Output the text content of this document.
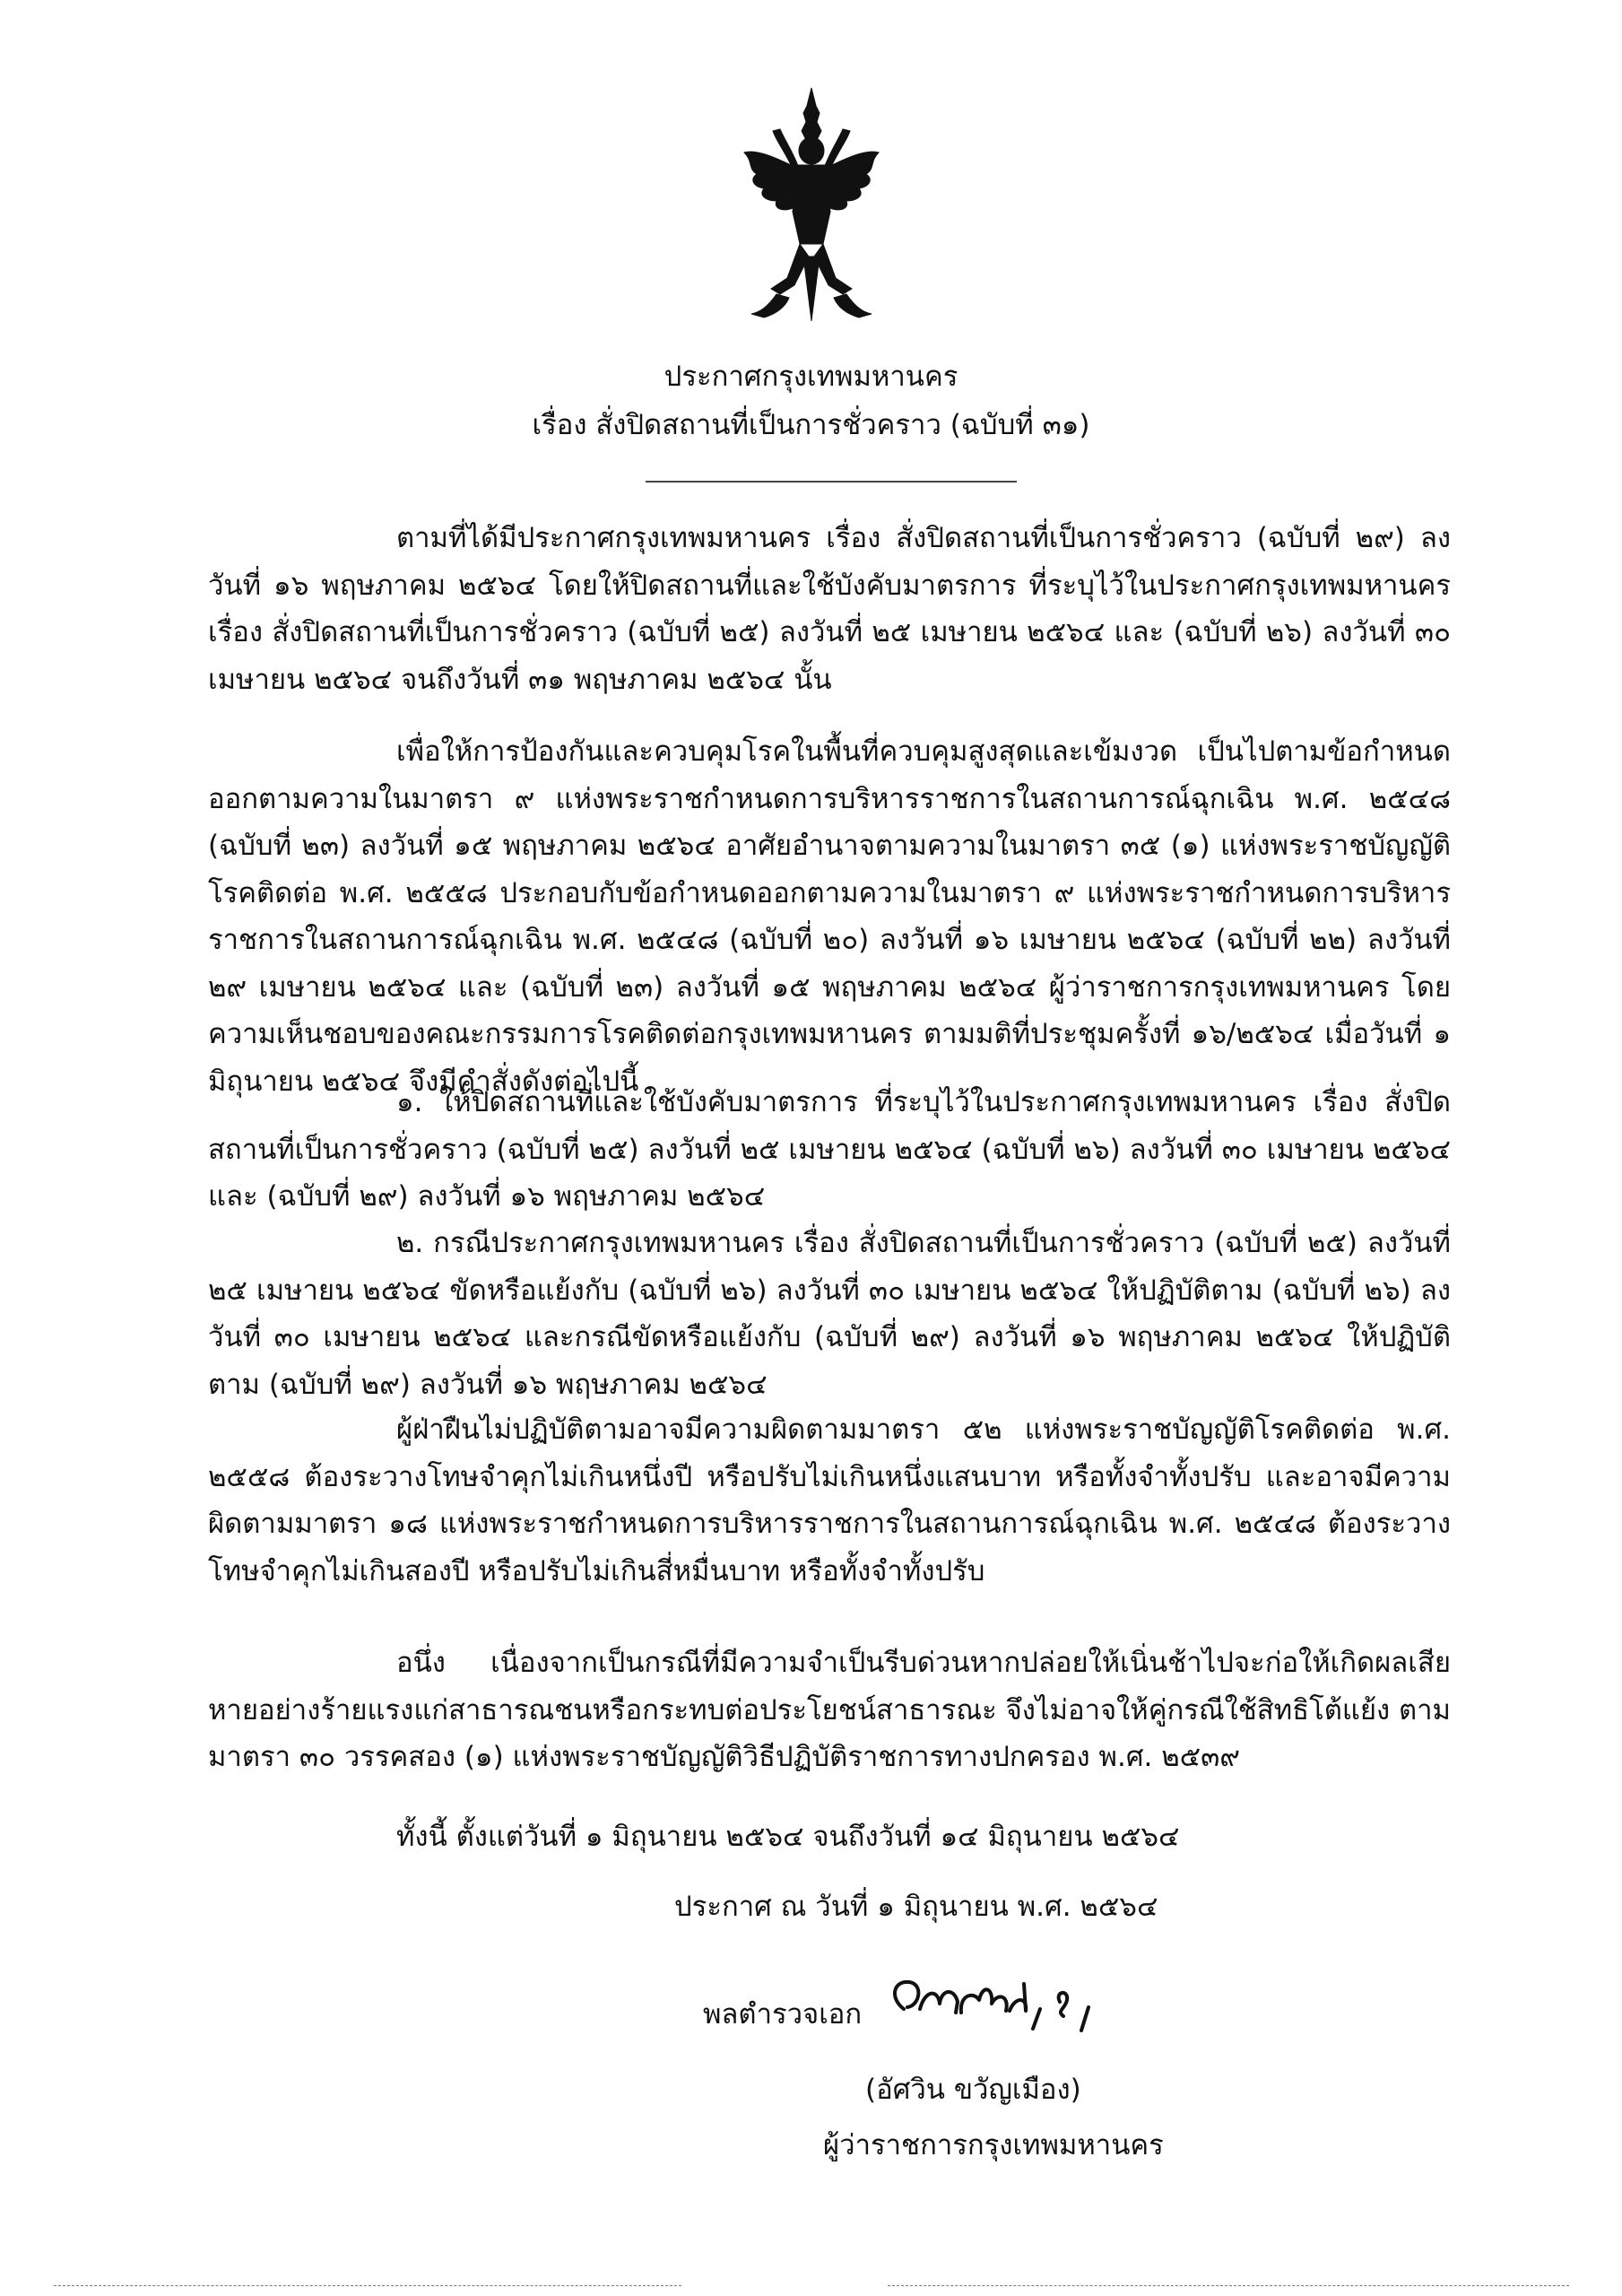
ประกาศกรุงเทพมหานคร
เรื่อง สั่งปิดสถานที่เป็นการชั่วคราว (ฉบับที่ ๓๑)

ตามที่ได้มีประกาศกรุงเทพมหานคร เรื่อง สั่งปิดสถานที่เป็นการชั่วคราว (ฉบับที่ ๒๙) ลงวันที่ ๑๖ พฤษภาคม ๒๕๖๔ โดยให้ปิดสถานที่และใช้บังคับมาตรการ ที่ระบุไว้ในประกาศกรุงเทพมหานคร เรื่อง สั่งปิดสถานที่เป็นการชั่วคราว (ฉบับที่ ๒๕) ลงวันที่ ๒๕ เมษายน ๒๕๖๔ และ (ฉบับที่ ๒๖) ลงวันที่ ๓๐ เมษายน ๒๕๖๔ จนถึงวันที่ ๓๑ พฤษภาคม ๒๕๖๔ นั้น

เพื่อให้การป้องกันและควบคุมโรคในพื้นที่ควบคุมสูงสุดและเข้มงวด เป็นไปตามข้อกำหนดออกตามความในมาตรา ๙ แห่งพระราชกำหนดการบริหารราชการในสถานการณ์ฉุกเฉิน พ.ศ. ๒๕๔๘ (ฉบับที่ ๒๓) ลงวันที่ ๑๕ พฤษภาคม ๒๕๖๔ อาศัยอำนาจตามความในมาตรา ๓๕ (๑) แห่งพระราชบัญญัติโรคติดต่อ พ.ศ. ๒๕๕๘ ประกอบกับข้อกำหนดออกตามความในมาตรา ๙ แห่งพระราชกำหนดการบริหารราชการในสถานการณ์ฉุกเฉิน พ.ศ. ๒๕๔๘ (ฉบับที่ ๒๐) ลงวันที่ ๑๖ เมษายน ๒๕๖๔ (ฉบับที่ ๒๒) ลงวันที่ ๒๙ เมษายน ๒๕๖๔ และ (ฉบับที่ ๒๓) ลงวันที่ ๑๕ พฤษภาคม ๒๕๖๔ ผู้ว่าราชการกรุงเทพมหานคร โดยความเห็นชอบของคณะกรรมการโรคติดต่อกรุงเทพมหานคร ตามมติที่ประชุมครั้งที่ ๑๖/๒๕๖๔ เมื่อวันที่ ๑ มิถุนายน ๒๕๖๔ จึงมีคำสั่งดังต่อไปนี้

๑. ให้ปิดสถานที่และใช้บังคับมาตรการ ที่ระบุไว้ในประกาศกรุงเทพมหานคร เรื่อง สั่งปิดสถานที่เป็นการชั่วคราว (ฉบับที่ ๒๕) ลงวันที่ ๒๕ เมษายน ๒๕๖๔ (ฉบับที่ ๒๖) ลงวันที่ ๓๐ เมษายน ๒๕๖๔ และ (ฉบับที่ ๒๙) ลงวันที่ ๑๖ พฤษภาคม ๒๕๖๔

๒. กรณีประกาศกรุงเทพมหานคร เรื่อง สั่งปิดสถานที่เป็นการชั่วคราว (ฉบับที่ ๒๕) ลงวันที่ ๒๕ เมษายน ๒๕๖๔ ขัดหรือแย้งกับ (ฉบับที่ ๒๖) ลงวันที่ ๓๐ เมษายน ๒๕๖๔ ให้ปฏิบัติตาม (ฉบับที่ ๒๖) ลงวันที่ ๓๐ เมษายน ๒๕๖๔ และกรณีขัดหรือแย้งกับ (ฉบับที่ ๒๙) ลงวันที่ ๑๖ พฤษภาคม ๒๕๖๔ ให้ปฏิบัติตาม (ฉบับที่ ๒๙) ลงวันที่ ๑๖ พฤษภาคม ๒๕๖๔

ผู้ฝ่าฝืนไม่ปฏิบัติตามอาจมีความผิดตามมาตรา ๕๒ แห่งพระราชบัญญัติโรคติดต่อ พ.ศ. ๒๕๕๘ ต้องระวางโทษจำคุกไม่เกินหนึ่งปี หรือปรับไม่เกินหนึ่งแสนบาท หรือทั้งจำทั้งปรับ และอาจมีความผิดตามมาตรา ๑๘ แห่งพระราชกำหนดการบริหารราชการในสถานการณ์ฉุกเฉิน พ.ศ. ๒๕๔๘ ต้องระวางโทษจำคุกไม่เกินสองปี หรือปรับไม่เกินสี่หมื่นบาท หรือทั้งจำทั้งปรับ

อนึ่ง เนื่องจากเป็นกรณีที่มีความจำเป็นรีบด่วนหากปล่อยให้เนิ่นช้าไปจะก่อให้เกิดผลเสียหายอย่างร้ายแรงแก่สาธารณชนหรือกระทบต่อประโยชน์สาธารณะ จึงไม่อาจให้คู่กรณีใช้สิทธิโต้แย้ง ตามมาตรา ๓๐ วรรคสอง (๑) แห่งพระราชบัญญัติวิธีปฏิบัติราชการทางปกครอง พ.ศ. ๒๕๓๙

ทั้งนี้ ตั้งแต่วันที่ ๑ มิถุนายน ๒๕๖๔ จนถึงวันที่ ๑๔ มิถุนายน ๒๕๖๔
ประกาศ ณ วันที่ ๑ มิถุนายน พ.ศ. ๒๕๖๔
พลตำรวจเอก
(อัศวิน ขวัญเมือง)
ผู้ว่าราชการกรุงเทพมหานคร
